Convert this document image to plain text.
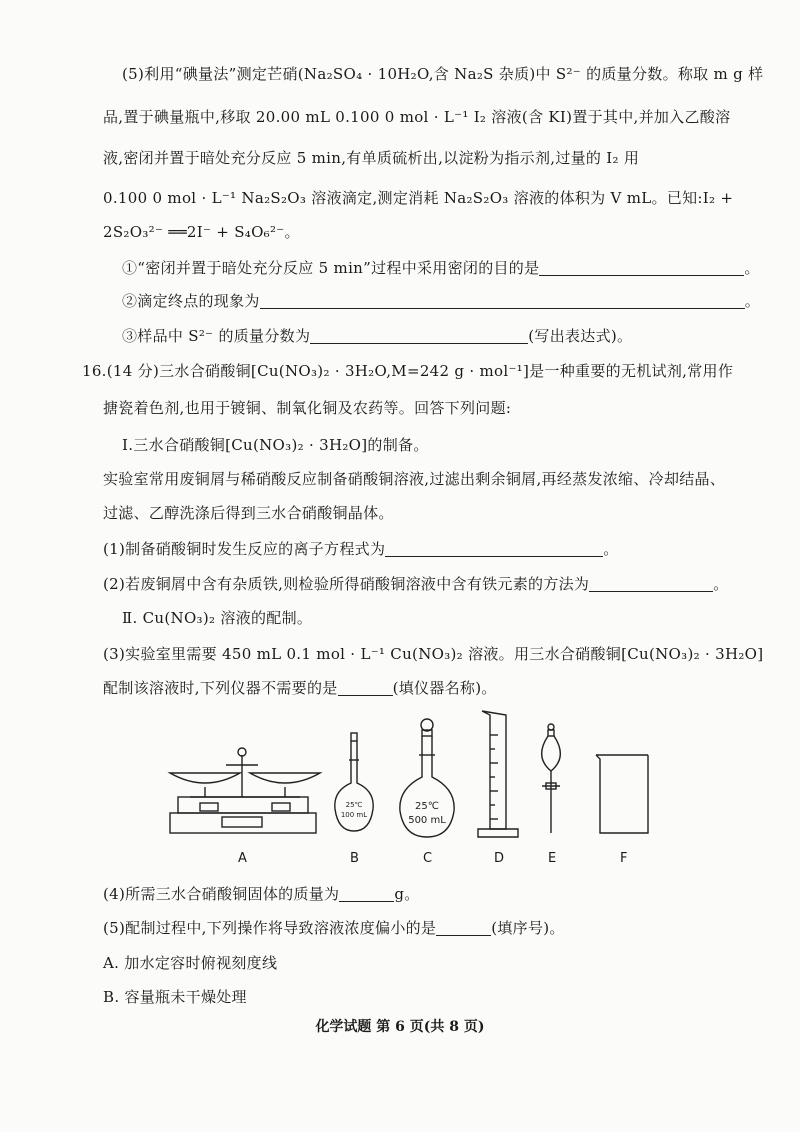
(5)利用“碘量法”测定芒硝(Na₂SO₄ · 10H₂O,含 Na₂S 杂质)中 S²⁻ 的质量分数。称取 m g 样
品,置于碘量瓶中,移取 20.00 mL 0.100 0 mol · L⁻¹ I₂ 溶液(含 KI)置于其中,并加入乙酸溶
液,密闭并置于暗处充分反应 5 min,有单质硫析出,以淀粉为指示剂,过量的 I₂ 用
0.100 0 mol · L⁻¹ Na₂S₂O₃ 溶液滴定,测定消耗 Na₂S₂O₃ 溶液的体积为 V mL。已知:I₂ +
2S₂O₃²⁻ ══2I⁻ + S₄O₆²⁻。
①“密闭并置于暗处充分反应 5 min”过程中采用密闭的目的是	。
②滴定终点的现象为	。
③样品中 S²⁻ 的质量分数为	(写出表达式)。
16.(14 分)三水合硝酸铜[Cu(NO₃)₂ · 3H₂O,M=242 g · mol⁻¹]是一种重要的无机试剂,常用作
搪瓷着色剂,也用于镀铜、制氧化铜及农药等。回答下列问题:
Ⅰ.三水合硝酸铜[Cu(NO₃)₂ · 3H₂O]的制备。
实验室常用废铜屑与稀硝酸反应制备硝酸铜溶液,过滤出剩余铜屑,再经蒸发浓缩、冷却结晶、
过滤、乙醇洗涤后得到三水合硝酸铜晶体。
(1)制备硝酸铜时发生反应的离子方程式为	。
(2)若废铜屑中含有杂质铁,则检验所得硝酸铜溶液中含有铁元素的方法为	。
Ⅱ. Cu(NO₃)₂ 溶液的配制。
(3)实验室里需要 450 mL 0.1 mol · L⁻¹ Cu(NO₃)₂ 溶液。用三水合硝酸铜[Cu(NO₃)₂ · 3H₂O]
配制该溶液时,下列仪器不需要的是	(填仪器名称)。
25℃
100 mL
25℃
500 mL
A	B	C	D	E	F
(4)所需三水合硝酸铜固体的质量为	g。
(5)配制过程中,下列操作将导致溶液浓度偏小的是	(填序号)。
A. 加水定容时俯视刻度线
B. 容量瓶未干燥处理
化学试题 第 6 页(共 8 页)
